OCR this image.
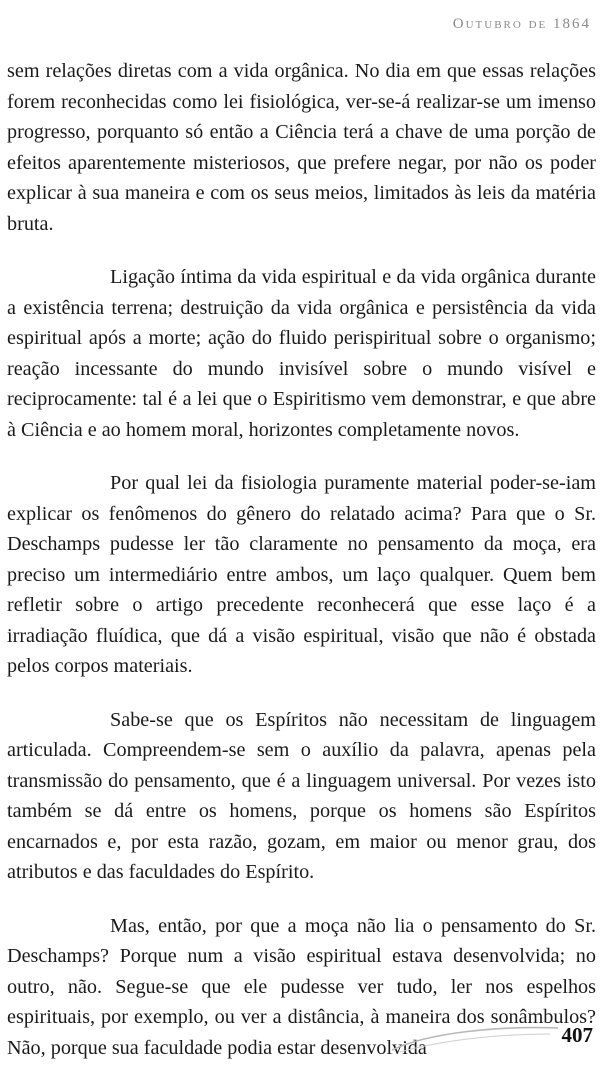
Outubro de 1864

sem relações diretas com a vida orgânica. No dia em que essas relações forem reconhecidas como lei fisiológica, ver-se-á realizar-se um imenso progresso, porquanto só então a Ciência terá a chave de uma porção de efeitos aparentemente misteriosos, que prefere negar, por não os poder explicar à sua maneira e com os seus meios, limitados às leis da matéria bruta.

Ligação íntima da vida espiritual e da vida orgânica durante a existência terrena; destruição da vida orgânica e persistência da vida espiritual após a morte; ação do fluido perispiritual sobre o organismo; reação incessante do mundo invisível sobre o mundo visível e reciprocamente: tal é a lei que o Espiritismo vem demonstrar, e que abre à Ciência e ao homem moral, horizontes completamente novos.

Por qual lei da fisiologia puramente material poder-se-iam explicar os fenômenos do gênero do relatado acima? Para que o Sr. Deschamps pudesse ler tão claramente no pensamento da moça, era preciso um intermediário entre ambos, um laço qualquer. Quem bem refletir sobre o artigo precedente reconhecerá que esse laço é a irradiação fluídica, que dá a visão espiritual, visão que não é obstada pelos corpos materiais.

Sabe-se que os Espíritos não necessitam de linguagem articulada. Compreendem-se sem o auxílio da palavra, apenas pela transmissão do pensamento, que é a linguagem universal. Por vezes isto também se dá entre os homens, porque os homens são Espíritos encarnados e, por esta razão, gozam, em maior ou menor grau, dos atributos e das faculdades do Espírito.

Mas, então, por que a moça não lia o pensamento do Sr. Deschamps? Porque num a visão espiritual estava desenvolvida; no outro, não. Segue-se que ele pudesse ver tudo, ler nos espelhos espirituais, por exemplo, ou ver a distância, à maneira dos sonâmbulos? Não, porque sua faculdade podia estar desenvolvida

407
